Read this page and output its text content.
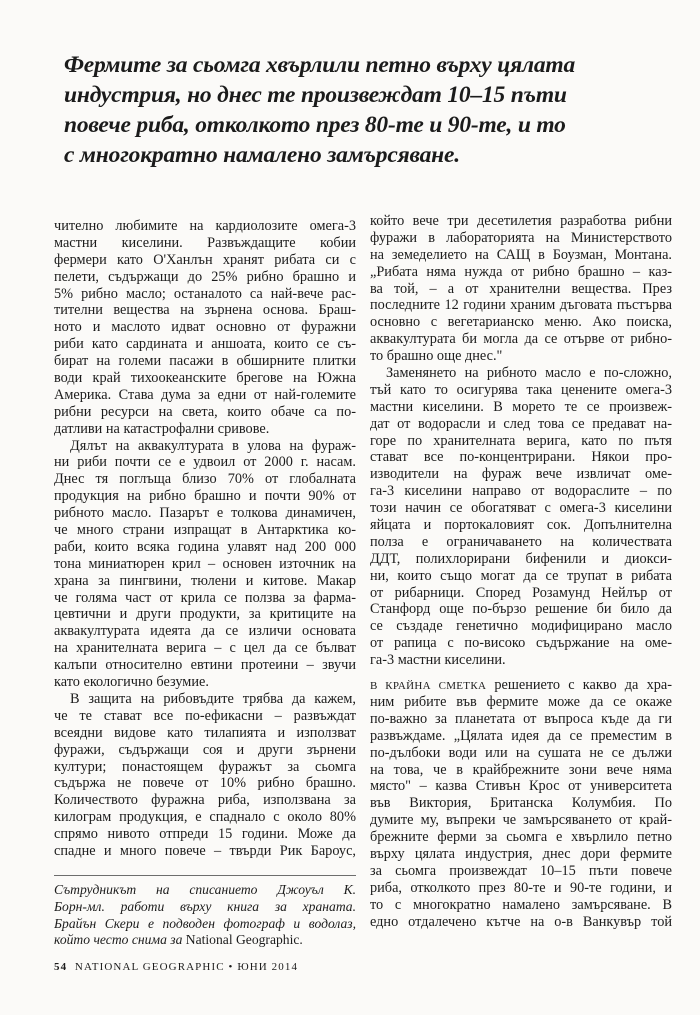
Фермите за сьомга хвърлили петно върху цялата
индустрия, но днес те произвеждат 10–15 пъти
повече риба, отколкото през 80-те и 90-те, и то
с многократно намалено замърсяване.
чително любимите на кардиолозите омега-3
мастни киселини. Развъждащите кобии
фермери като О'Ханлън хранят рибата си с
пелети, съдържащи до 25% рибно брашно и
5% рибно масло; останалото са най-вече рас-
тителни вещества на зърнена основа. Браш-
ното и маслото идват основно от фуражни
риби като сардината и аншоата, които се съ-
бират на големи пасажи в обширните плитки
води край тихоокеанските брегове на Южна
Америка. Става дума за едни от най-големите
рибни ресурси на света, които обаче са по-
датливи на катастрофални сривове.
Дялът на аквакултурата в улова на фураж-
ни риби почти се е удвоил от 2000 г. насам.
Днес тя поглъща близо 70% от глобалната
продукция на рибно брашно и почти 90% от
рибното масло. Пазарът е толкова динамичен,
че много страни изпращат в Антарктика ко-
раби, които всяка година улавят над 200 000
тона миниатюрен крил – основен източник на
храна за пингвини, тюлени и китове. Макар
че голяма част от крила се ползва за фарма-
цевтични и други продукти, за критиците на
аквакултурата идеята да се изличи основата
на хранителната верига – с цел да се бълват
калъпи относително евтини протеини – звучи
като екологично безумие.
В защита на рибовъдите трябва да кажем,
че те стават все по-ефикасни – развъждат
всеядни видове като тилапията и използват
фуражи, съдържащи соя и други зърнени
култури; понастоящем фуражът за сьомга
съдържа не повече от 10% рибно брашно.
Количеството фуражна риба, използвана за
килограм продукция, е спаднало с около 80%
спрямо нивото отпреди 15 години. Може да
спадне и много повече – твърди Рик Бароус,
Сътрудникът на списанието Джоуъл К.
Борн-мл. работи върху книга за храната.
Брайън Скери е подводен фотограф и водолаз,
който често снима за National Geographic.
който вече три десетилетия разработва рибни
фуражи в лабораторията на Министерството
на земеделието на САЩ в Боузман, Монтана.
„Рибата няма нужда от рибно брашно – каз-
ва той, – а от хранителни вещества. През
последните 12 години храним дъговата пъстърва
основно с вегетарианско меню. Ако поиска,
аквакултурата би могла да се отърве от рибно-
то брашно още днес."
Заменянето на рибното масло е по-сложно,
тъй като то осигурява така ценените омега-3
мастни киселини. В морето те се произвеж-
дат от водорасли и след това се предават на-
горе по хранителната верига, като по пътя
стават все по-концентрирани. Някои про-
изводители на фураж вече извличат оме-
га-3 киселини направо от водораслите – по
този начин се обогатяват с омега-3 киселини
яйцата и портокаловият сок. Допълнителна
полза е ограничаването на количествата
ДДТ, полихлорирани бифенили и диокси-
ни, които също могат да се трупат в рибата
от рибарници. Според Розамунд Нейлър от
Станфорд още по-бързо решение би било да
се създаде генетично модифицирано масло
от рапица с по-високо съдържание на оме-
га-3 мастни киселини.
В КРАЙНА СМЕТКА решението с какво да хра-
ним рибите във фермите може да се окаже
по-важно за планетата от въпроса къде да ги
развъждаме. „Цялата идея да се преместим в
по-дълбоки води или на сушата не се дължи
на това, че в крайбрежните зони вече няма
място" – казва Стивън Крос от университета
във Виктория, Британска Колумбия. По
думите му, въпреки че замърсяването от край-
брежните ферми за сьомга е хвърлило петно
върху цялата индустрия, днес дори фермите
за сьомга произвеждат 10–15 пъти повече
риба, отколкото през 80-те и 90-те години, и
то с многократно намалено замърсяване. В
едно отдалечено кътче на о-в Ванкувър той
54 NATIONAL GEOGRAPHIC • ЮНИ 2014
